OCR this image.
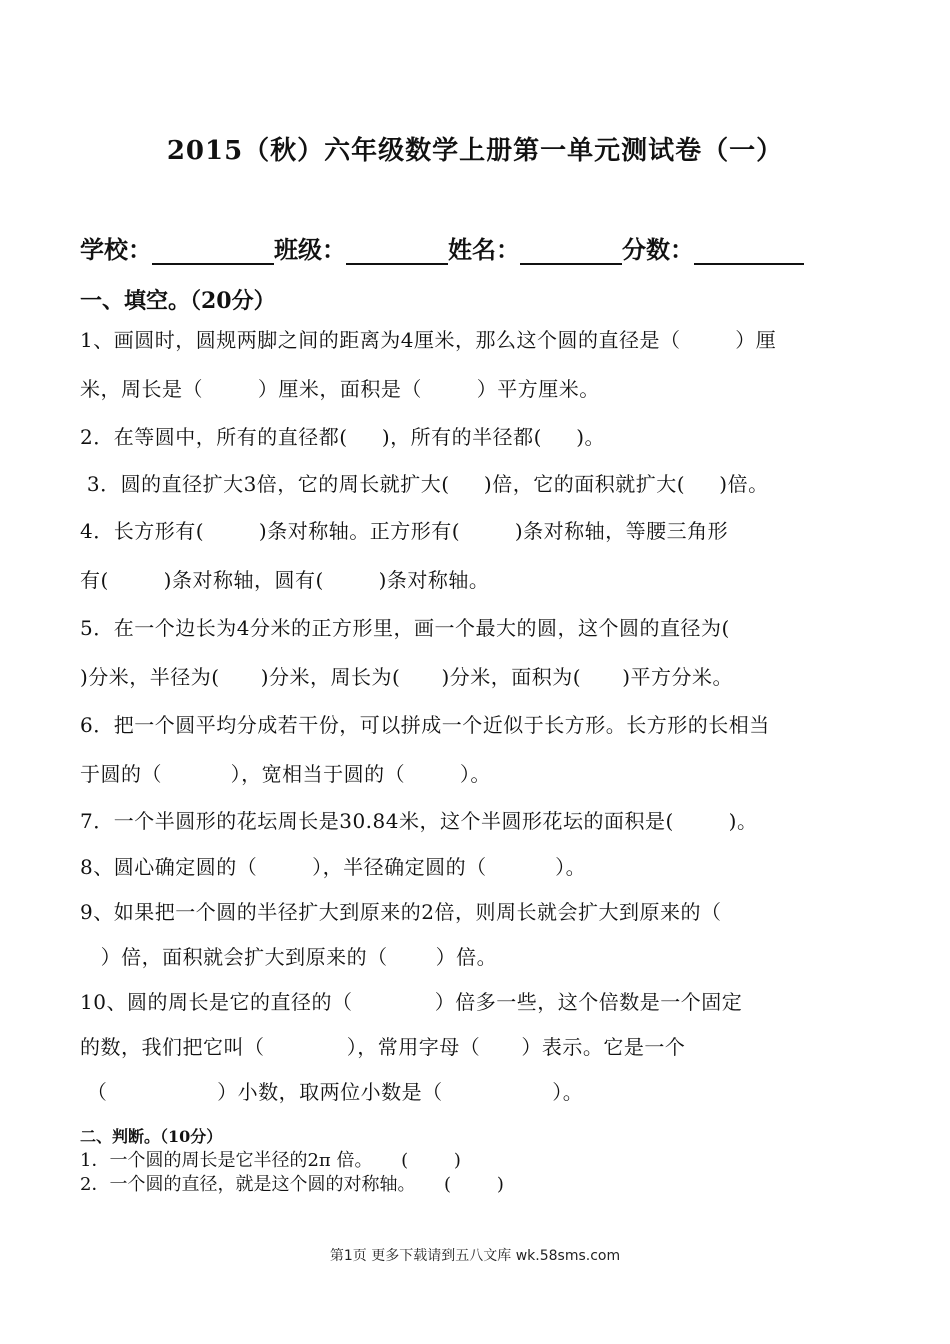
2015（秋）六年级数学上册第一单元测试卷（一）
学校：	班级：	姓名：	分数：
一、填空。（20分）
1、画圆时，圆规两脚之间的距离为4厘米，那么这个圆的直径是（        ）厘
米，周长是（        ）厘米，面积是（        ）平方厘米。
2．在等圆中，所有的直径都(     )，所有的半径都(     )。
3．圆的直径扩大3倍，它的周长就扩大(     )倍，它的面积就扩大(     )倍。
4．长方形有(        )条对称轴。正方形有(        )条对称轴，等腰三角形
有(        )条对称轴，圆有(        )条对称轴。
5．在一个边长为4分米的正方形里，画一个最大的圆，这个圆的直径为(
)分米，半径为(      )分米，周长为(      )分米，面积为(      )平方分米。
6．把一个圆平均分成若干份，可以拼成一个近似于长方形。长方形的长相当
于圆的（          ），宽相当于圆的（        ）。
7．一个半圆形的花坛周长是30.84米，这个半圆形花坛的面积是(        )。
8、圆心确定圆的（        ），半径确定圆的（          ）。
9、如果把一个圆的半径扩大到原来的2倍，则周长就会扩大到原来的（
）倍，面积就会扩大到原来的（       ）倍。
10、圆的周长是它的直径的（            ）倍多一些，这个倍数是一个固定
的数，我们把它叫（            ），常用字母（      ）表示。它是一个
（                ）小数，取两位小数是（                ）。
二、判断。（10分）
1．一个圆的周长是它半径的2π 倍。     (        )
2．一个圆的直径，就是这个圆的对称轴。     (        )
第1页 更多下载请到五八文库 wk.58sms.com
